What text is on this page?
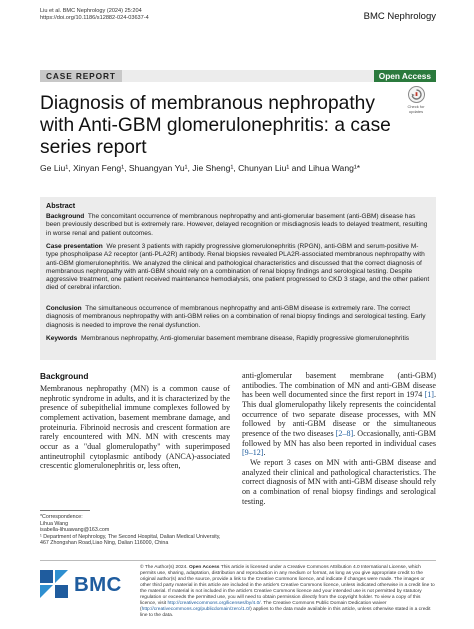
Liu et al. BMC Nephrology (2024) 25:204
https://doi.org/10.1186/s12882-024-03637-4	BMC Nephrology
CASE REPORT	Open Access
Diagnosis of membranous nephropathy with Anti-GBM glomerulonephritis: a case series report
Check for
updates
Ge Liu¹, Xinyan Feng¹, Shuangyan Yu¹, Jie Sheng¹, Chunyan Liu¹ and Lihua Wang¹*
Abstract
Background The concomitant occurrence of membranous nephropathy and anti-glomerular basement (anti-GBM) disease has been previously described but is extremely rare. However, delayed recognition or misdiagnosis leads to delayed treatment, resulting in worse renal and patient outcomes.
Case presentation We present 3 patients with rapidly progressive glomerulonephritis (RPGN), anti-GBM and serum-positive M-type phospholipase A2 receptor (anti-PLA2R) antibody. Renal biopsies revealed PLA2R-associated membranous nephropathy with anti-GBM glomerulonephritis. We analyzed the clinical and pathological characteristics and discussed that the correct diagnosis of membranous nephropathy with anti-GBM should rely on a combination of renal biopsy findings and serological testing. Despite aggressive treatment, one patient received maintenance hemodialysis, one patient progressed to CKD 3 stage, and the other patient died of cerebral infarction.
Conclusion The simultaneous occurrence of membranous nephropathy and anti-GBM disease is extremely rare. The correct diagnosis of membranous nephropathy with anti-GBM relies on a combination of renal biopsy findings and serological testing. Early diagnosis is needed to improve the renal dysfunction.
Keywords Membranous nephropathy, Anti-glomerular basement membrane disease, Rapidly progressive glomerulonephritis
Background

Membranous nephropathy (MN) is a common cause of nephrotic syndrome in adults, and it is characterized by the presence of subepithelial immune complexes followed by complement activation, basement membrane damage, and proteinuria. Fibrinoid necrosis and crescent formation are rarely encountered with MN. MN with crescents may occur as a "dual glomerulopathy" with superimposed antineutrophil cytoplasmic antibody (ANCA)-associated crescentic glomerulonephritis or, less often,

anti-glomerular basement membrane (anti-GBM) antibodies. The combination of MN and anti-GBM disease has been well documented since the first report in 1974 [1]. This dual glomerulopathy likely represents the coincidental occurrence of two separate disease processes, with MN followed by anti-GBM disease or the simultaneous presence of the two diseases [2–8]. Occasionally, anti-GBM followed by MN has also been reported in individual cases [9–12].

We report 3 cases on MN with anti-GBM disease and analyzed their clinical and pathological characteristics. The correct diagnosis of MN with anti-GBM disease should rely on a combination of renal biopsy findings and serological testing.

*Correspondence:
Lihua Wang
isabella-lihuawang@163.com
¹ Department of Nephrology, The Second Hospital, Dalian Medical University, 467 Zhongshan Road,Liao Ning, Dalian 116000, China
BMC
© The Author(s) 2024. Open Access This article is licensed under a Creative Commons Attribution 4.0 International License, which permits use, sharing, adaptation, distribution and reproduction in any medium or format, as long as you give appropriate credit to the original author(s) and the source, provide a link to the Creative Commons licence, and indicate if changes were made. The images or other third party material in this article are included in the article's Creative Commons licence, unless indicated otherwise in a credit line to the material. If material is not included in the article's Creative Commons licence and your intended use is not permitted by statutory regulation or exceeds the permitted use, you will need to obtain permission directly from the copyright holder. To view a copy of this licence, visit http://creativecommons.org/licenses/by/4.0/. The Creative Commons Public Domain Dedication waiver (http://creativecommons.org/publicdomain/zero/1.0/) applies to the data made available in this article, unless otherwise stated in a credit line to the data.
